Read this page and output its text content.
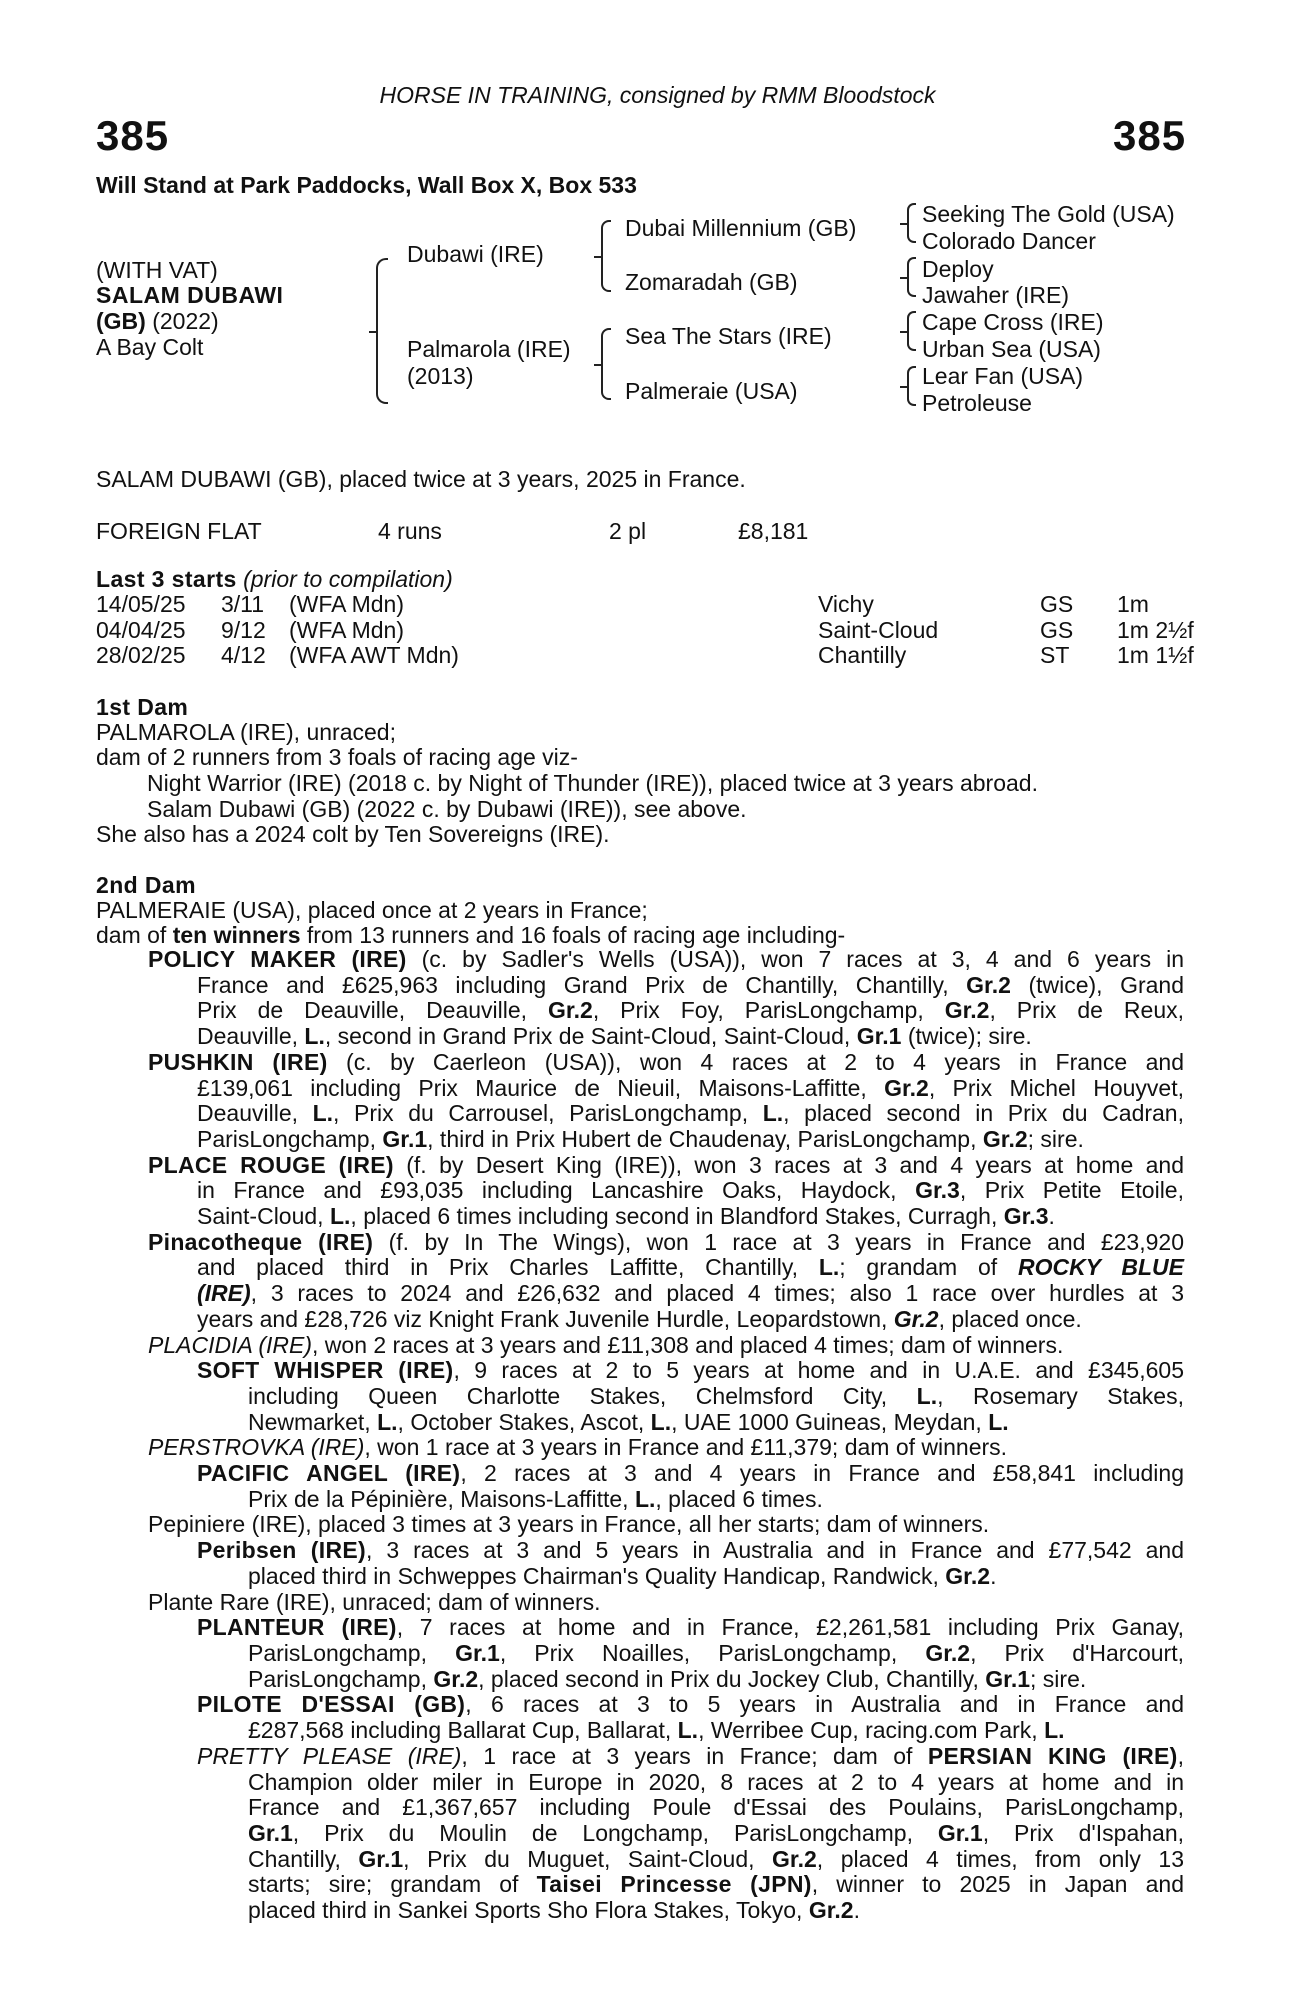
HORSE IN TRAINING, consigned by RMM Bloodstock
385	385
Will Stand at Park Paddocks, Wall Box X, Box 533
(WITH VAT)
SALAM DUBAWI
(GB) (2022)
A Bay Colt
Dubawi (IRE)
Palmarola (IRE)
(2013)
Dubai Millennium (GB)
Zomaradah (GB)
Sea The Stars (IRE)
Palmeraie (USA)
Seeking The Gold (USA)
Colorado Dancer
Deploy
Jawaher (IRE)
Cape Cross (IRE)
Urban Sea (USA)
Lear Fan (USA)
Petroleuse
SALAM DUBAWI (GB), placed twice at 3 years, 2025 in France.
FOREIGN FLAT	4 runs	2 pl	£8,181
Last 3 starts (prior to compilation)
14/05/25 3/11 (WFA Mdn)	Vichy	GS 1m
04/04/25 9/12 (WFA Mdn)	Saint-Cloud	GS 1m 2½f
28/02/25 4/12 (WFA AWT Mdn)	Chantilly	ST 1m 1½f
1st Dam
PALMAROLA (IRE), unraced;
dam of 2 runners from 3 foals of racing age viz-
Night Warrior (IRE) (2018 c. by Night of Thunder (IRE)), placed twice at 3 years abroad.
Salam Dubawi (GB) (2022 c. by Dubawi (IRE)), see above.
She also has a 2024 colt by Ten Sovereigns (IRE).
2nd Dam
PALMERAIE (USA), placed once at 2 years in France;
dam of ten winners from 13 runners and 16 foals of racing age including-
POLICY MAKER (IRE) (c. by Sadler's Wells (USA)), won 7 races at 3, 4 and 6 years in
France and £625,963 including Grand Prix de Chantilly, Chantilly, Gr.2 (twice), Grand
Prix de Deauville, Deauville, Gr.2, Prix Foy, ParisLongchamp, Gr.2, Prix de Reux,
Deauville, L., second in Grand Prix de Saint-Cloud, Saint-Cloud, Gr.1 (twice); sire.
PUSHKIN (IRE) (c. by Caerleon (USA)), won 4 races at 2 to 4 years in France and
£139,061 including Prix Maurice de Nieuil, Maisons-Laffitte, Gr.2, Prix Michel Houyvet,
Deauville, L., Prix du Carrousel, ParisLongchamp, L., placed second in Prix du Cadran,
ParisLongchamp, Gr.1, third in Prix Hubert de Chaudenay, ParisLongchamp, Gr.2; sire.
PLACE ROUGE (IRE) (f. by Desert King (IRE)), won 3 races at 3 and 4 years at home and
in France and £93,035 including Lancashire Oaks, Haydock, Gr.3, Prix Petite Etoile,
Saint-Cloud, L., placed 6 times including second in Blandford Stakes, Curragh, Gr.3.
Pinacotheque (IRE) (f. by In The Wings), won 1 race at 3 years in France and £23,920
and placed third in Prix Charles Laffitte, Chantilly, L.; grandam of ROCKY BLUE
(IRE), 3 races to 2024 and £26,632 and placed 4 times; also 1 race over hurdles at 3
years and £28,726 viz Knight Frank Juvenile Hurdle, Leopardstown, Gr.2, placed once.
PLACIDIA (IRE), won 2 races at 3 years and £11,308 and placed 4 times; dam of winners.
SOFT WHISPER (IRE), 9 races at 2 to 5 years at home and in U.A.E. and £345,605
including Queen Charlotte Stakes, Chelmsford City, L., Rosemary Stakes,
Newmarket, L., October Stakes, Ascot, L., UAE 1000 Guineas, Meydan, L.
PERSTROVKA (IRE), won 1 race at 3 years in France and £11,379; dam of winners.
PACIFIC ANGEL (IRE), 2 races at 3 and 4 years in France and £58,841 including
Prix de la Pépinière, Maisons-Laffitte, L., placed 6 times.
Pepiniere (IRE), placed 3 times at 3 years in France, all her starts; dam of winners.
Peribsen (IRE), 3 races at 3 and 5 years in Australia and in France and £77,542 and
placed third in Schweppes Chairman's Quality Handicap, Randwick, Gr.2.
Plante Rare (IRE), unraced; dam of winners.
PLANTEUR (IRE), 7 races at home and in France, £2,261,581 including Prix Ganay,
ParisLongchamp, Gr.1, Prix Noailles, ParisLongchamp, Gr.2, Prix d'Harcourt,
ParisLongchamp, Gr.2, placed second in Prix du Jockey Club, Chantilly, Gr.1; sire.
PILOTE D'ESSAI (GB), 6 races at 3 to 5 years in Australia and in France and
£287,568 including Ballarat Cup, Ballarat, L., Werribee Cup, racing.com Park, L.
PRETTY PLEASE (IRE), 1 race at 3 years in France; dam of PERSIAN KING (IRE),
Champion older miler in Europe in 2020, 8 races at 2 to 4 years at home and in
France and £1,367,657 including Poule d'Essai des Poulains, ParisLongchamp,
Gr.1, Prix du Moulin de Longchamp, ParisLongchamp, Gr.1, Prix d'Ispahan,
Chantilly, Gr.1, Prix du Muguet, Saint-Cloud, Gr.2, placed 4 times, from only 13
starts; sire; grandam of Taisei Princesse (JPN), winner to 2025 in Japan and
placed third in Sankei Sports Sho Flora Stakes, Tokyo, Gr.2.
